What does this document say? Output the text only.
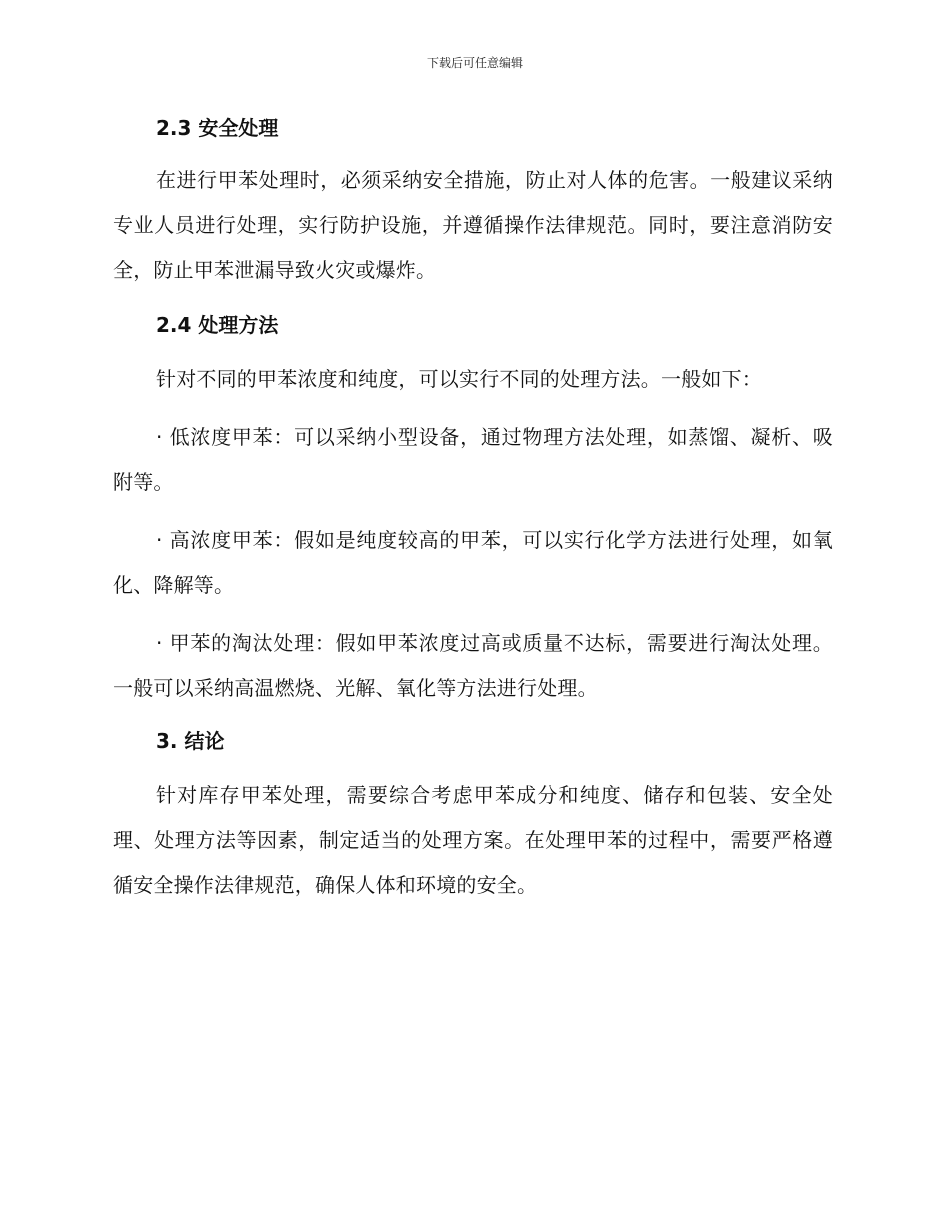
下载后可任意编辑
2.3 安全处理

在进行甲苯处理时，必须采纳安全措施，防止对人体的危害。一般建议采纳专业人员进行处理，实行防护设施，并遵循操作法律规范。同时，要注意消防安全，防止甲苯泄漏导致火灾或爆炸。

2.4 处理方法

针对不同的甲苯浓度和纯度，可以实行不同的处理方法。一般如下：

· 低浓度甲苯：可以采纳小型设备，通过物理方法处理，如蒸馏、凝析、吸附等。

· 高浓度甲苯：假如是纯度较高的甲苯，可以实行化学方法进行处理，如氧化、降解等。

· 甲苯的淘汰处理：假如甲苯浓度过高或质量不达标，需要进行淘汰处理。一般可以采纳高温燃烧、光解、氧化等方法进行处理。

3. 结论

针对库存甲苯处理，需要综合考虑甲苯成分和纯度、储存和包装、安全处理、处理方法等因素，制定适当的处理方案。在处理甲苯的过程中，需要严格遵循安全操作法律规范，确保人体和环境的安全。
